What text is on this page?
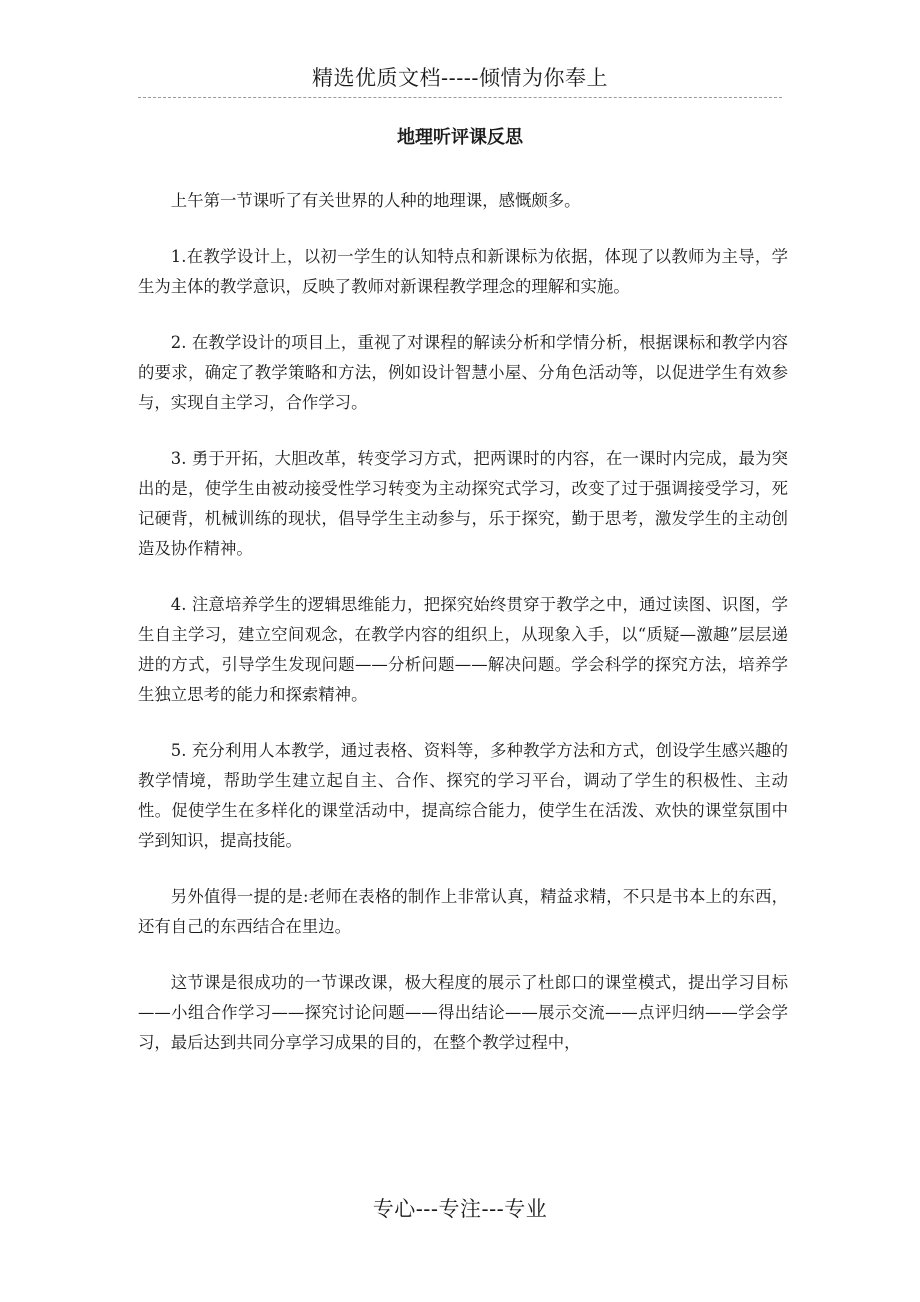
精选优质文档-----倾情为你奉上
地理听评课反思

上午第一节课听了有关世界的人种的地理课，感慨颇多。

1.在教学设计上，以初一学生的认知特点和新课标为依据，体现了以教师为主导，学生为主体的教学意识，反映了教师对新课程教学理念的理解和实施。

2. 在教学设计的项目上，重视了对课程的解读分析和学情分析，根据课标和教学内容的要求，确定了教学策略和方法，例如设计智慧小屋、分角色活动等，以促进学生有效参与，实现自主学习，合作学习。

3. 勇于开拓，大胆改革，转变学习方式，把两课时的内容，在一课时内完成，最为突出的是，使学生由被动接受性学习转变为主动探究式学习，改变了过于强调接受学习，死记硬背，机械训练的现状，倡导学生主动参与，乐于探究，勤于思考，激发学生的主动创造及协作精神。

4. 注意培养学生的逻辑思维能力，把探究始终贯穿于教学之中，通过读图、识图，学生自主学习，建立空间观念，在教学内容的组织上，从现象入手，以“质疑—激趣”层层递进的方式，引导学生发现问题——分析问题——解决问题。学会科学的探究方法，培养学生独立思考的能力和探索精神。

5. 充分利用人本教学，通过表格、资料等，多种教学方法和方式，创设学生感兴趣的教学情境，帮助学生建立起自主、合作、探究的学习平台，调动了学生的积极性、主动性。促使学生在多样化的课堂活动中，提高综合能力，使学生在活泼、欢快的课堂氛围中学到知识，提高技能。

另外值得一提的是:老师在表格的制作上非常认真，精益求精，不只是书本上的东西，还有自己的东西结合在里边。

这节课是很成功的一节课改课，极大程度的展示了杜郎口的课堂模式，提出学习目标——小组合作学习——探究讨论问题——得出结论——展示交流——点评归纳——学会学习，最后达到共同分享学习成果的目的，在整个教学过程中，

专心---专注---专业
